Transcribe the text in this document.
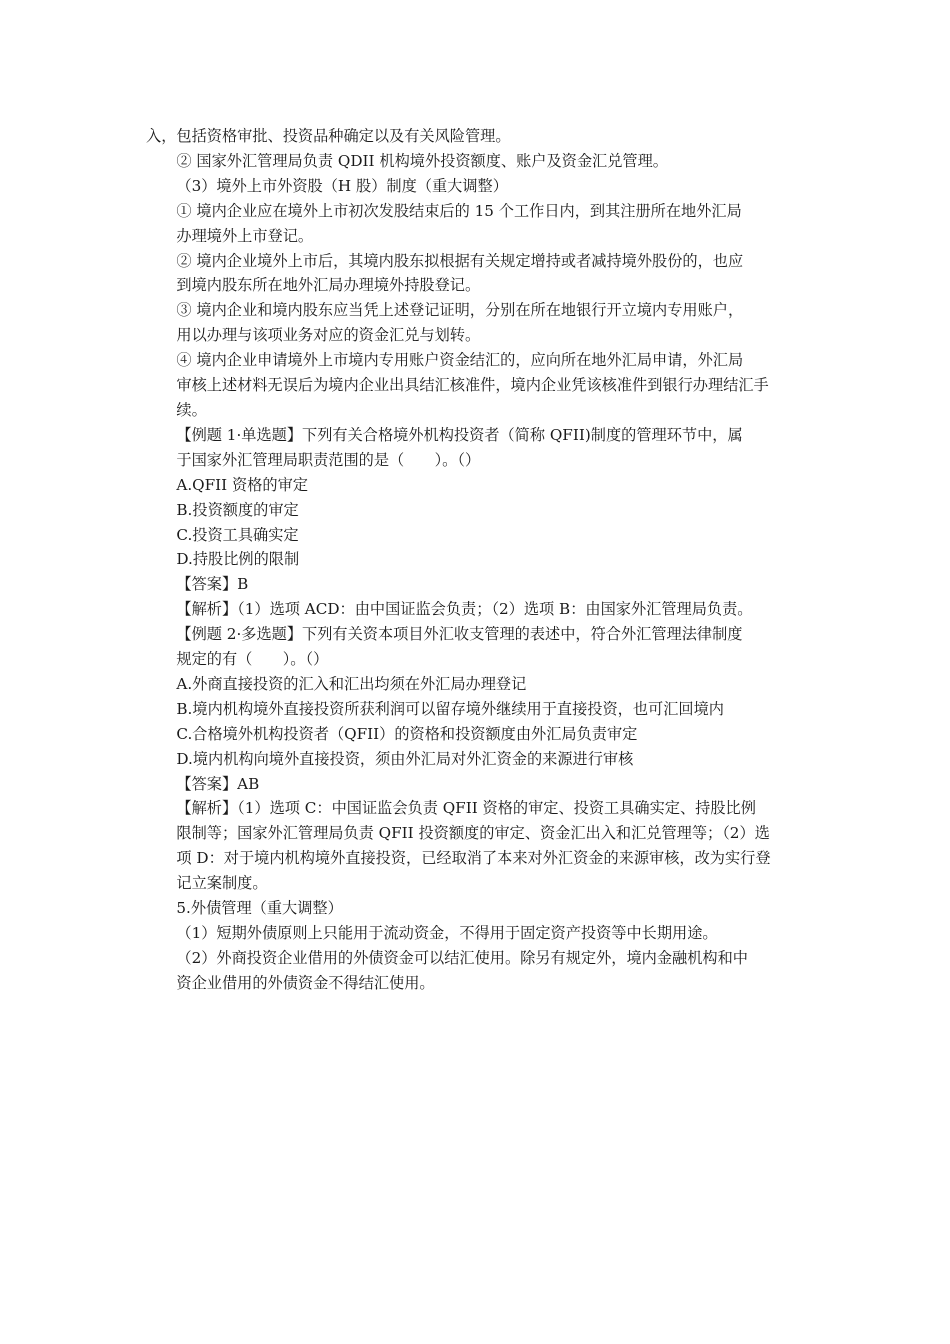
入，包括资格审批、投资品种确定以及有关风险管理。
② 国家外汇管理局负责 QDII 机构境外投资额度、账户及资金汇兑管理。
（3）境外上市外资股（H 股）制度（重大调整）
① 境内企业应在境外上市初次发股结束后的 15 个工作日内，到其注册所在地外汇局
办理境外上市登记。
② 境内企业境外上市后，其境内股东拟根据有关规定增持或者减持境外股份的，也应
到境内股东所在地外汇局办理境外持股登记。
③ 境内企业和境内股东应当凭上述登记证明，分别在所在地银行开立境内专用账户，
用以办理与该项业务对应的资金汇兑与划转。
④ 境内企业申请境外上市境内专用账户资金结汇的，应向所在地外汇局申请，外汇局
审核上述材料无误后为境内企业出具结汇核准件，境内企业凭该核准件到银行办理结汇手
续。
【例题 1·单选题】下列有关合格境外机构投资者（简称 QFII)制度的管理环节中，属
于国家外汇管理局职责范围的是（　　）。（）
A.QFII 资格的审定
B.投资额度的审定
C.投资工具确实定
D.持股比例的限制
【答案】B
【解析】（1）选项 ACD：由中国证监会负责；（2）选项 B：由国家外汇管理局负责。
【例题 2·多选题】下列有关资本项目外汇收支管理的表述中，符合外汇管理法律制度
规定的有（　　）。（）
A.外商直接投资的汇入和汇出均须在外汇局办理登记
B.境内机构境外直接投资所获利润可以留存境外继续用于直接投资，也可汇回境内
C.合格境外机构投资者（QFII）的资格和投资额度由外汇局负责审定
D.境内机构向境外直接投资，须由外汇局对外汇资金的来源进行审核
【答案】AB
【解析】（1）选项 C：中国证监会负责 QFII 资格的审定、投资工具确实定、持股比例
限制等；国家外汇管理局负责 QFII 投资额度的审定、资金汇出入和汇兑管理等；（2）选
项 D：对于境内机构境外直接投资，已经取消了本来对外汇资金的来源审核，改为实行登
记立案制度。
5.外债管理（重大调整）
（1）短期外债原则上只能用于流动资金，不得用于固定资产投资等中长期用途。
（2）外商投资企业借用的外债资金可以结汇使用。除另有规定外，境内金融机构和中
资企业借用的外债资金不得结汇使用。
